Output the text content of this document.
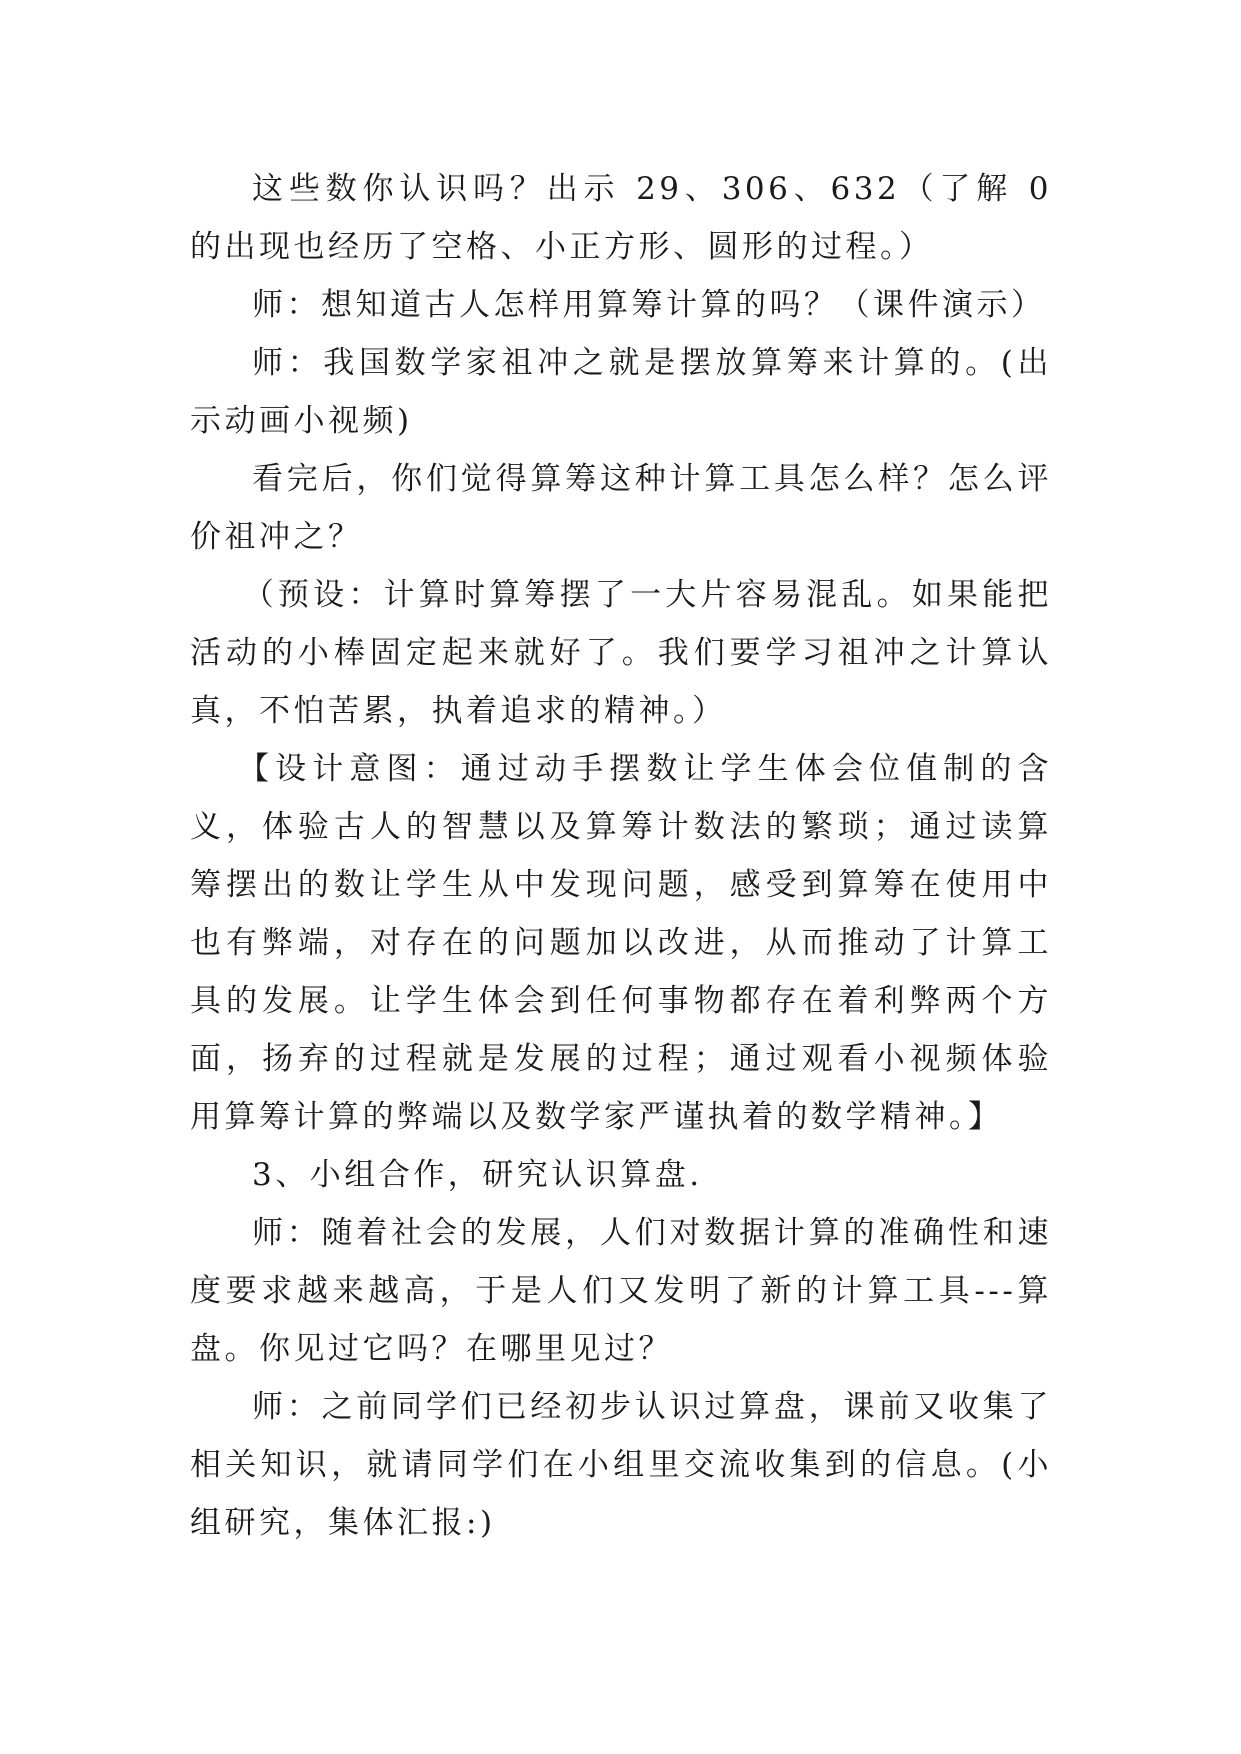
这些数你认识吗？出示 29、306、632（了解 0 的出现也经历了空格、小正方形、圆形的过程。）

师：想知道古人怎样用算筹计算的吗？（课件演示）

师：我国数学家祖冲之就是摆放算筹来计算的。(出示动画小视频)

看完后，你们觉得算筹这种计算工具怎么样？怎么评价祖冲之？

（预设：计算时算筹摆了一大片容易混乱。如果能把活动的小棒固定起来就好了。我们要学习祖冲之计算认真，不怕苦累，执着追求的精神。）

【设计意图：通过动手摆数让学生体会位值制的含义，体验古人的智慧以及算筹计数法的繁琐；通过读算筹摆出的数让学生从中发现问题，感受到算筹在使用中也有弊端，对存在的问题加以改进，从而推动了计算工具的发展。让学生体会到任何事物都存在着利弊两个方面，扬弃的过程就是发展的过程；通过观看小视频体验用算筹计算的弊端以及数学家严谨执着的数学精神。】

3、小组合作，研究认识算盘.

师：随着社会的发展，人们对数据计算的准确性和速度要求越来越高，于是人们又发明了新的计算工具---算盘。你见过它吗？在哪里见过？

师：之前同学们已经初步认识过算盘，课前又收集了相关知识，就请同学们在小组里交流收集到的信息。(小组研究，集体汇报:)
